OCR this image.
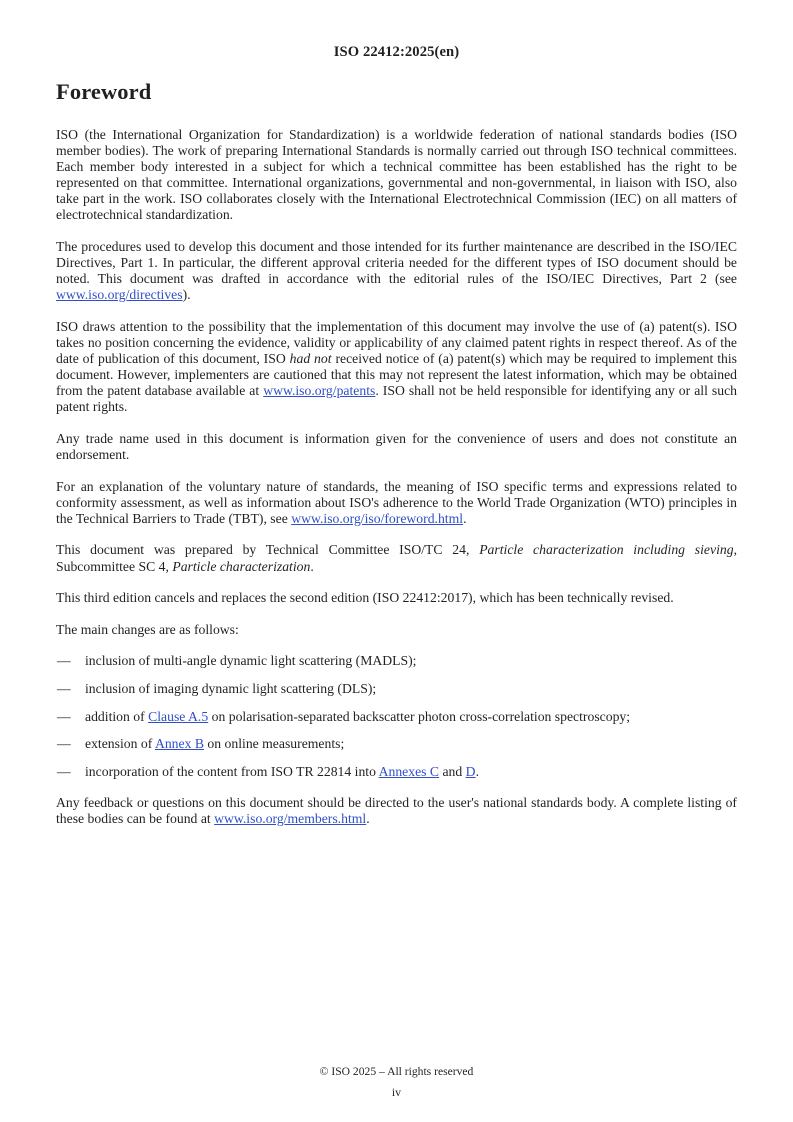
ISO 22412:2025(en)
Foreword

ISO (the International Organization for Standardization) is a worldwide federation of national standards bodies (ISO member bodies). The work of preparing International Standards is normally carried out through ISO technical committees. Each member body interested in a subject for which a technical committee has been established has the right to be represented on that committee. International organizations, governmental and non-governmental, in liaison with ISO, also take part in the work. ISO collaborates closely with the International Electrotechnical Commission (IEC) on all matters of electrotechnical standardization.

The procedures used to develop this document and those intended for its further maintenance are described in the ISO/IEC Directives, Part 1. In particular, the different approval criteria needed for the different types of ISO document should be noted. This document was drafted in accordance with the editorial rules of the ISO/IEC Directives, Part 2 (see www.iso.org/directives).

ISO draws attention to the possibility that the implementation of this document may involve the use of (a) patent(s). ISO takes no position concerning the evidence, validity or applicability of any claimed patent rights in respect thereof. As of the date of publication of this document, ISO had not received notice of (a) patent(s) which may be required to implement this document. However, implementers are cautioned that this may not represent the latest information, which may be obtained from the patent database available at www.iso.org/patents. ISO shall not be held responsible for identifying any or all such patent rights.

Any trade name used in this document is information given for the convenience of users and does not constitute an endorsement.

For an explanation of the voluntary nature of standards, the meaning of ISO specific terms and expressions related to conformity assessment, as well as information about ISO's adherence to the World Trade Organization (WTO) principles in the Technical Barriers to Trade (TBT), see www.iso.org/iso/foreword.html.

This document was prepared by Technical Committee ISO/TC 24, Particle characterization including sieving, Subcommittee SC 4, Particle characterization.

This third edition cancels and replaces the second edition (ISO 22412:2017), which has been technically revised.

The main changes are as follows:

— inclusion of multi-angle dynamic light scattering (MADLS);
— inclusion of imaging dynamic light scattering (DLS);
— addition of Clause A.5 on polarisation-separated backscatter photon cross-correlation spectroscopy;
— extension of Annex B on online measurements;
— incorporation of the content from ISO TR 22814 into Annexes C and D.

Any feedback or questions on this document should be directed to the user's national standards body. A complete listing of these bodies can be found at www.iso.org/members.html.

© ISO 2025 – All rights reserved
iv
